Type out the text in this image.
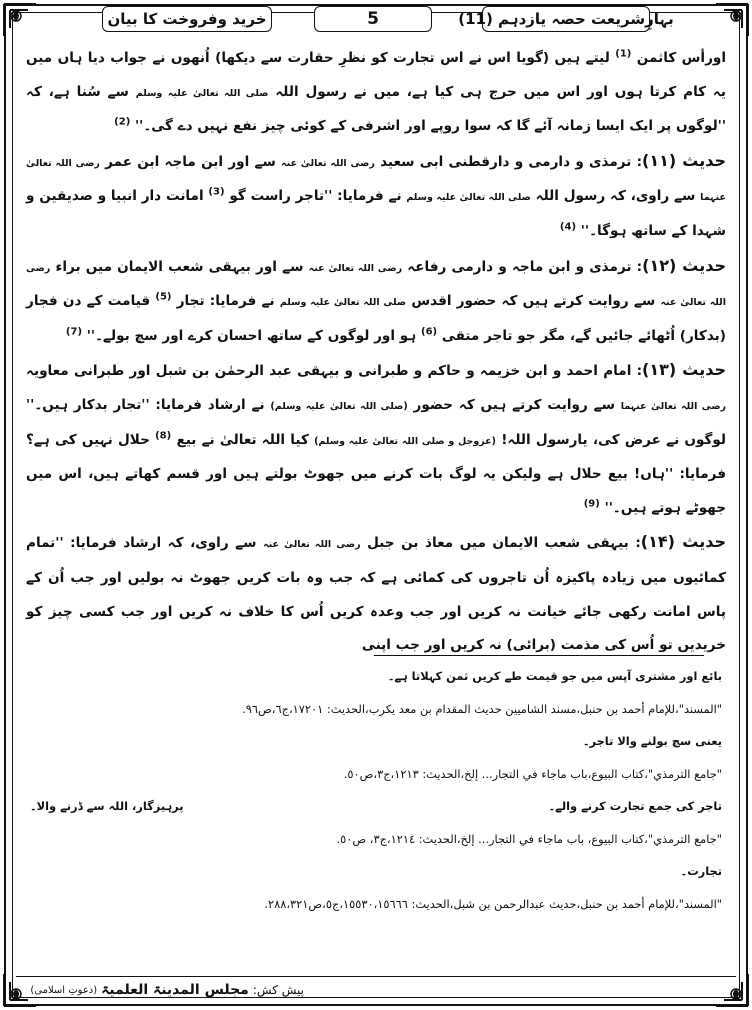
خرید وفروخت کا بیان	5	بہارِشریعت حصہ یازدہم (11)

اورأس کاثمن $^{(1)}$ لیتے ہیں (گویا اس نے اس تجارت کو نظرِ حقارت سے دیکھا) اُنھوں نے جواب دیا ہاں میں یہ کام کرتا ہوں اور اس میں حرج ہی کیا ہے، میں نے رسول اللہ صلی اللہ تعالیٰ علیہ وسلم سے سُنا ہے، کہ ''لوگوں پر ایک ایسا زمانہ آئے گا کہ سوا روپے اور اشرفی کے کوئی چیز نفع نہیں دے گی۔'' $^{(2)}$

حدیث (۱۱): ترمذی و دارمی و دارقطنی ابی سعید رضی اللہ تعالیٰ عنہ سے اور ابن ماجہ ابن عمر رضی اللہ تعالیٰ عنہما سے راوی، کہ رسول اللہ صلی اللہ تعالیٰ علیہ وسلم نے فرمایا: ''تاجر راست گو $^{(3)}$ امانت دار انبیا و صدیقین و شہدا کے ساتھ ہوگا۔'' $^{(4)}$

حدیث (۱۲): ترمذی و ابن ماجہ و دارمی رفاعہ رضی اللہ تعالیٰ عنہ سے اور بیہقی شعب الایمان میں براء رضی اللہ تعالیٰ عنہ سے روایت کرتے ہیں کہ حضور اقدس صلی اللہ تعالیٰ علیہ وسلم نے فرمایا: تجار $^{(5)}$ قیامت کے دن فجار (بدکار) اُٹھائے جائیں گے، مگر جو تاجر متقی $^{(6)}$ ہو اور لوگوں کے ساتھ احسان کرے اور سچ بولے۔'' $^{(7)}$

حدیث (۱۳): امام احمد و ابن خزیمہ و حاکم و طبرانی و بیہقی عبد الرحمٰن بن شبل اور طبرانی معاویہ رضی اللہ تعالیٰ عنہما سے روایت کرتے ہیں کہ حضور (صلی اللہ تعالیٰ علیہ وسلم) نے ارشاد فرمایا: ''تجار بدکار ہیں۔'' لوگوں نے عرض کی، یارسول اللہ! (عزوجل و صلی اللہ تعالیٰ علیہ وسلم) کیا اللہ تعالیٰ نے بیع $^{(8)}$ حلال نہیں کی ہے؟ فرمایا: ''ہاں! بیع حلال ہے ولیکن یہ لوگ بات کرنے میں جھوٹ بولتے ہیں اور قسم کھاتے ہیں، اس میں جھوٹے ہوتے ہیں۔'' $^{(9)}$

حدیث (۱۴): بیہقی شعب الایمان میں معاذ بن جبل رضی اللہ تعالیٰ عنہ سے راوی، کہ ارشاد فرمایا: ''تمام کمائیوں میں زیادہ پاکیزہ اُن تاجروں کی کمائی ہے کہ جب وہ بات کریں جھوٹ نہ بولیں اور جب اُن کے پاس امانت رکھی جائے خیانت نہ کریں اور جب وعدہ کریں اُس کا خلاف نہ کریں اور جب کسی چیز کو خریدیں تو اُس کی مذمت (برائی) نہ کریں اور جب اپنی

بائع اور مشتری آپس میں جو قیمت طے کریں ثمن کہلاتا ہے۔
"المسند"،للإمام أحمد بن حنبل،مسند الشاميين حديث المقدام بن معد يكرب،الحديث: ١٧٢٠١،ج٦،ص٩٦.
یعنی سچ بولنے والا تاجر۔
"جامع الترمذي"،كتاب البيوع،باب ماجاء في التجار... إلخ،الحديث: ١٢١٣،ج٣،ص٥٠.
تاجر کی جمع تجارت کرنے والے۔
پرہیزگار، اللہ سے ڈرنے والا۔
"جامع الترمذي"،كتاب البيوع، باب ماجاء في التجار... إلخ،الحديث: ١٢١٤،ج٣، ص٥٠.
تجارت۔
"المسند"،للإمام أحمد بن حنبل،حديث عبدالرحمن بن شبل،الحديث: ١٥٥٣٠،١٥٦٦٦،ج٥،ص٢٨٨،٣٢١.
پیش کش:
مجلس المدینۃ العلمیۃ
(دعوتِ اسلامی)
